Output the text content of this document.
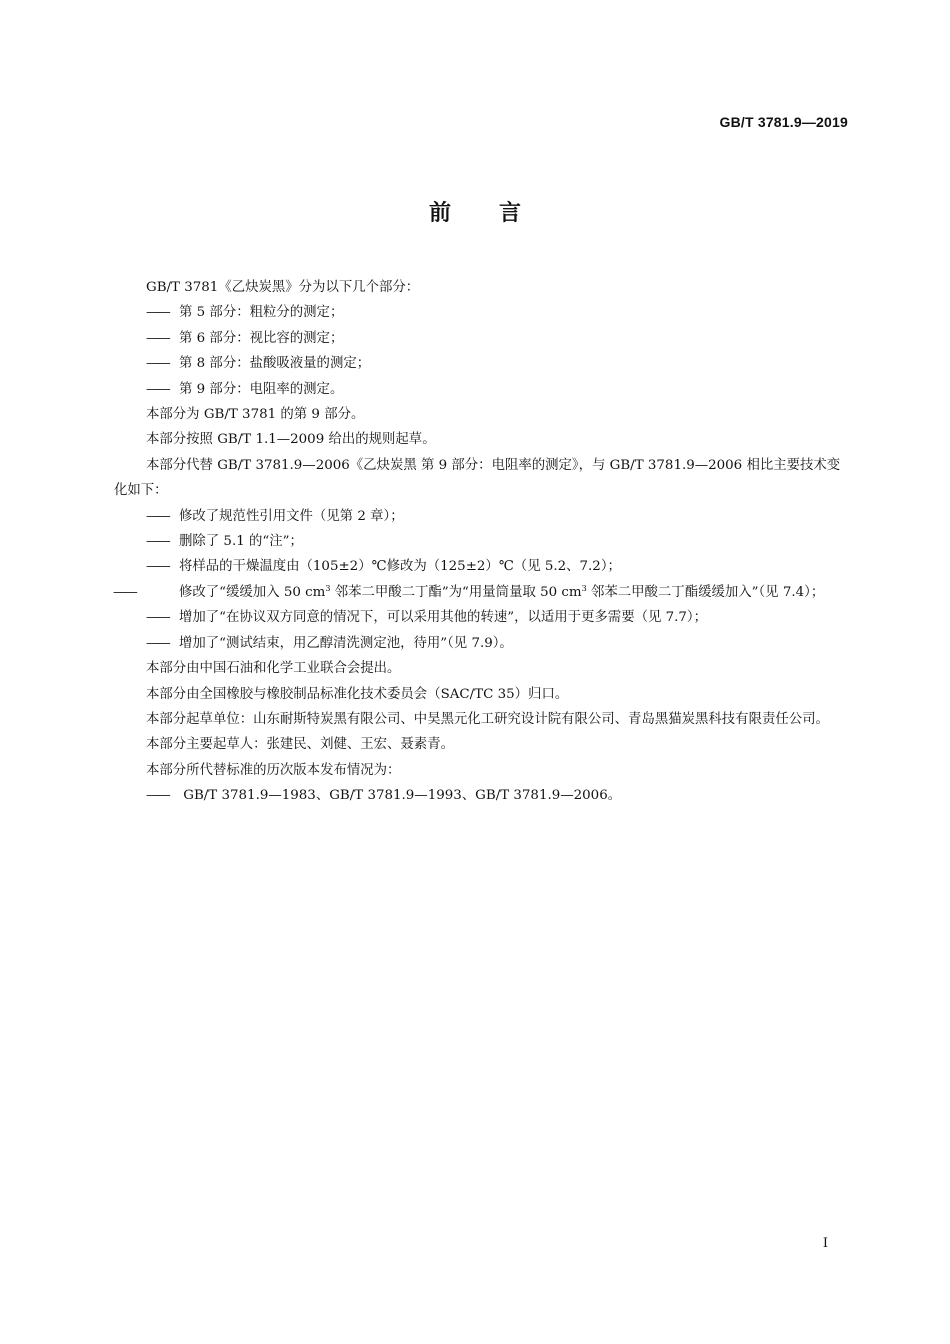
GB/T 3781.9—2019
前 言

GB/T 3781《乙炔炭黑》分为以下几个部分：

—— 第 5 部分：粗粒分的测定；

—— 第 6 部分：视比容的测定；

—— 第 8 部分：盐酸吸液量的测定；

—— 第 9 部分：电阻率的测定。

本部分为 GB/T 3781 的第 9 部分。

本部分按照 GB/T 1.1—2009 给出的规则起草。

本部分代替 GB/T 3781.9—2006《乙炔炭黑 第 9 部分：电阻率的测定》，与 GB/T 3781.9—2006 相比主要技术变化如下：

—— 修改了规范性引用文件（见第 2 章）；

—— 删除了 5.1 的“注”；

—— 将样品的干燥温度由（105±2）℃修改为（125±2）℃（见 5.2、7.2）；

——	修改了“缓缓加入 50 $cm^3$ 邻苯二甲酸二丁酯”为“用量筒量取 50 $cm^3$ 邻苯二甲酸二丁酯缓缓加入”（见 7.4）；

—— 增加了“在协议双方同意的情况下，可以采用其他的转速”，以适用于更多需要（见 7.7）；

—— 增加了“测试结束，用乙醇清洗测定池，待用”（见 7.9）。

本部分由中国石油和化学工业联合会提出。

本部分由全国橡胶与橡胶制品标准化技术委员会（SAC/TC 35）归口。

本部分起草单位：山东耐斯特炭黑有限公司、中昊黑元化工研究设计院有限公司、青岛黑猫炭黑科技有限责任公司。

本部分主要起草人：张建民、刘健、王宏、聂素青。

本部分所代替标准的历次版本发布情况为：

—— GB/T 3781.9—1983、GB/T 3781.9—1993、GB/T 3781.9—2006。

I
